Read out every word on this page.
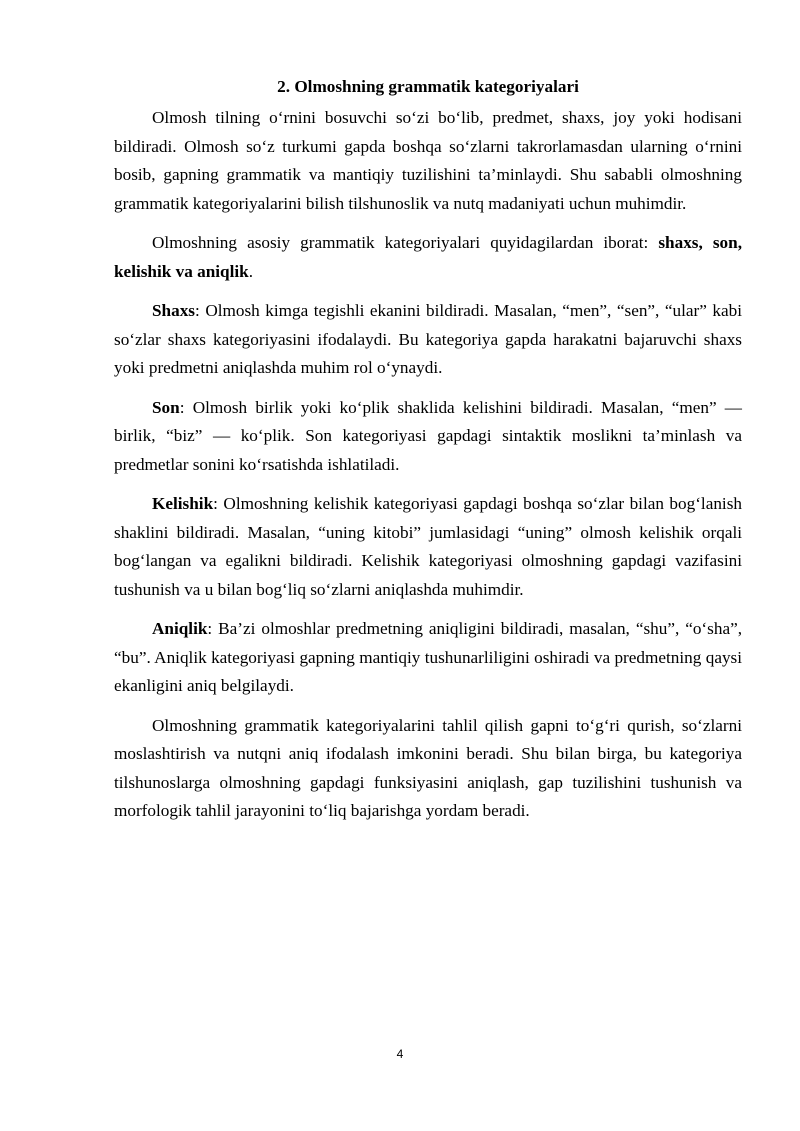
2. Olmoshning grammatik kategoriyalari

Olmosh tilning o‘rnini bosuvchi so‘zi bo‘lib, predmet, shaxs, joy yoki hodisani bildiradi. Olmosh so‘z turkumi gapda boshqa so‘zlarni takrorlamasdan ularning o‘rnini bosib, gapning grammatik va mantiqiy tuzilishini ta’minlaydi. Shu sababli olmoshning grammatik kategoriyalarini bilish tilshunoslik va nutq madaniyati uchun muhimdir.

Olmoshning asosiy grammatik kategoriyalari quyidagilardan iborat: shaxs, son, kelishik va aniqlik.

Shaxs: Olmosh kimga tegishli ekanini bildiradi. Masalan, “men”, “sen”, “ular” kabi so‘zlar shaxs kategoriyasini ifodalaydi. Bu kategoriya gapda harakatni bajaruvchi shaxs yoki predmetni aniqlashda muhim rol o‘ynaydi.

Son: Olmosh birlik yoki ko‘plik shaklida kelishini bildiradi. Masalan, “men” — birlik, “biz” — ko‘plik. Son kategoriyasi gapdagi sintaktik moslikni ta’minlash va predmetlar sonini ko‘rsatishda ishlatiladi.

Kelishik: Olmoshning kelishik kategoriyasi gapdagi boshqa so‘zlar bilan bog‘lanish shaklini bildiradi. Masalan, “uning kitobi” jumlasidagi “uning” olmosh kelishik orqali bog‘langan va egalikni bildiradi. Kelishik kategoriyasi olmoshning gapdagi vazifasini tushunish va u bilan bog‘liq so‘zlarni aniqlashda muhimdir.

Aniqlik: Ba’zi olmoshlar predmetning aniqligini bildiradi, masalan, “shu”, “o‘sha”, “bu”. Aniqlik kategoriyasi gapning mantiqiy tushunarliligini oshiradi va predmetning qaysi ekanligini aniq belgilaydi.

Olmoshning grammatik kategoriyalarini tahlil qilish gapni to‘g‘ri qurish, so‘zlarni moslashtirish va nutqni aniq ifodalash imkonini beradi. Shu bilan birga, bu kategoriya tilshunoslarga olmoshning gapdagi funksiyasini aniqlash, gap tuzilishini tushunish va morfologik tahlil jarayonini to‘liq bajarishga yordam beradi.

4
